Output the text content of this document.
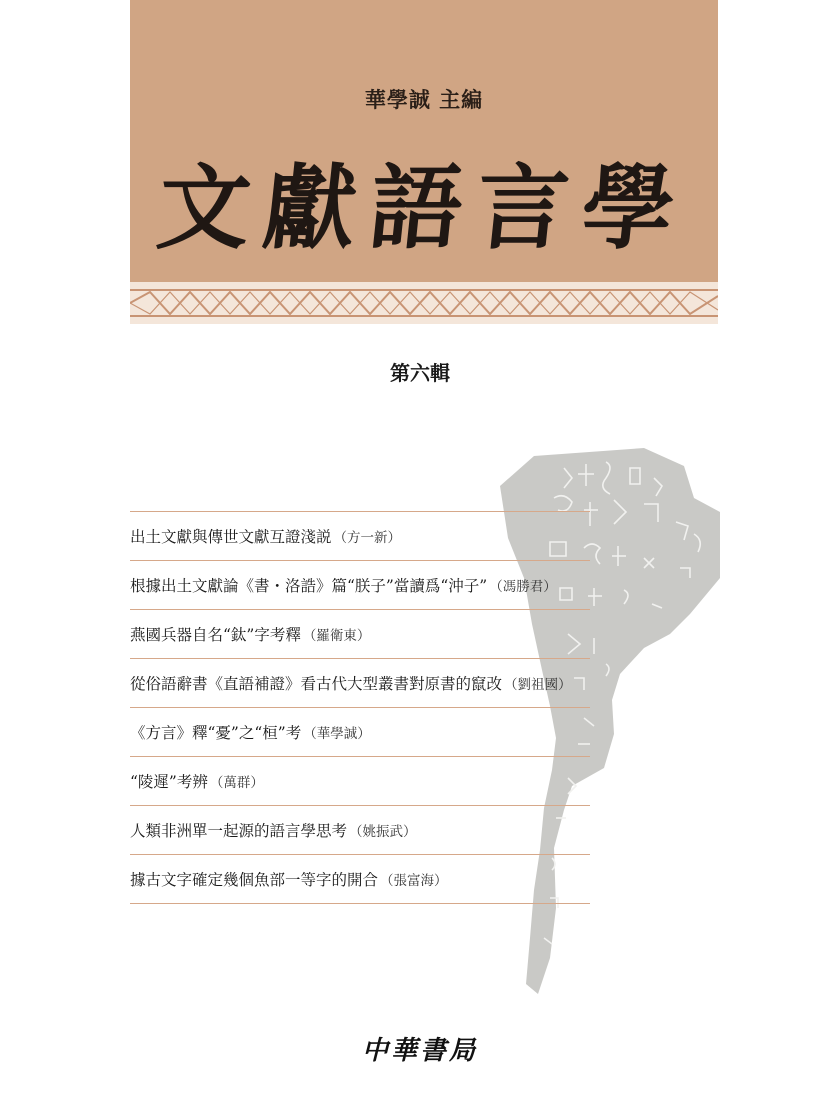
華學誠 主編
文獻語言學
第六輯
出土文獻與傳世文獻互證淺説 （方一新）
根據出土文獻論《書・洛誥》篇“朕子”當讀爲“沖子” （馮勝君）
燕國兵器自名“鈦”字考釋 （羅衛東）
從俗語辭書《直語補證》看古代大型叢書對原書的竄改 （劉祖國）
《方言》釋“憂”之“桓”考 （華學誠）
“陵遲”考辨 （萬群）
人類非洲單一起源的語言學思考 （姚振武）
據古文字確定幾個魚部一等字的開合 （張富海）
中華書局
